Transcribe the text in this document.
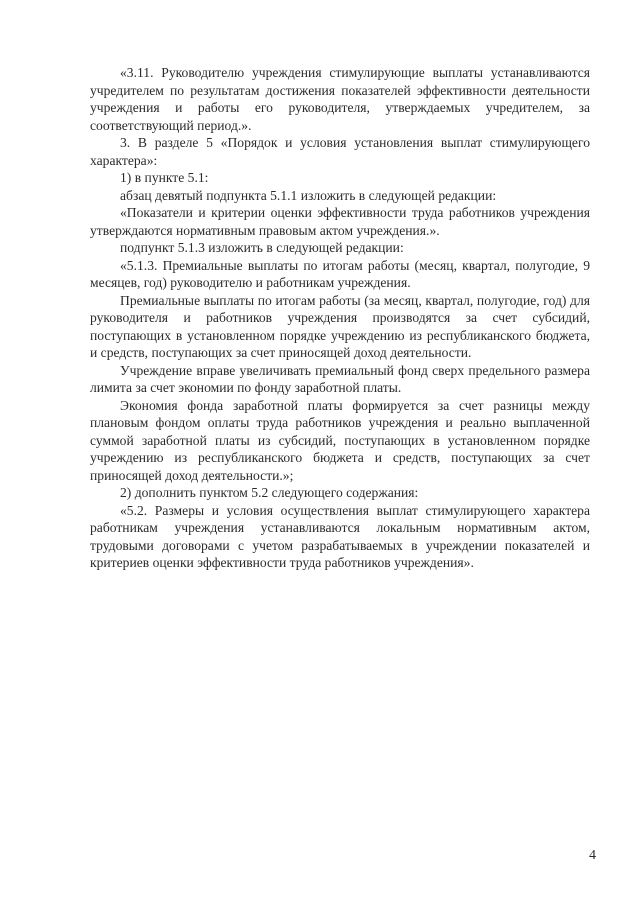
«3.11. Руководителю учреждения стимулирующие выплаты устанавливаются учредителем по результатам достижения показателей эффективности деятельности учреждения и работы его руководителя, утверждаемых учредителем, за соответствующий период.».

3. В разделе 5 «Порядок и условия установления выплат стимулирующего характера»:

1) в пункте 5.1:

абзац девятый подпункта 5.1.1 изложить в следующей редакции:

«Показатели и критерии оценки эффективности труда работников учреждения утверждаются нормативным правовым актом учреждения.».

подпункт 5.1.3 изложить в следующей редакции:

«5.1.3. Премиальные выплаты по итогам работы (месяц, квартал, полугодие, 9 месяцев, год) руководителю и работникам учреждения.

Премиальные выплаты по итогам работы (за месяц, квартал, полугодие, год) для руководителя и работников учреждения производятся за счет субсидий, поступающих в установленном порядке учреждению из республиканского бюджета, и средств, поступающих за счет приносящей доход деятельности.

Учреждение вправе увеличивать премиальный фонд сверх предельного размера лимита за счет экономии по фонду заработной платы.

Экономия фонда заработной платы формируется за счет разницы между плановым фондом оплаты труда работников учреждения и реально выплаченной суммой заработной платы из субсидий, поступающих в установленном порядке учреждению из республиканского бюджета и средств, поступающих за счет приносящей доход деятельности.»;

2) дополнить пунктом 5.2 следующего содержания:

«5.2. Размеры и условия осуществления выплат стимулирующего характера работникам учреждения устанавливаются локальным нормативным актом, трудовыми договорами с учетом разрабатываемых в учреждении показателей и критериев оценки эффективности труда работников учреждения».

4
